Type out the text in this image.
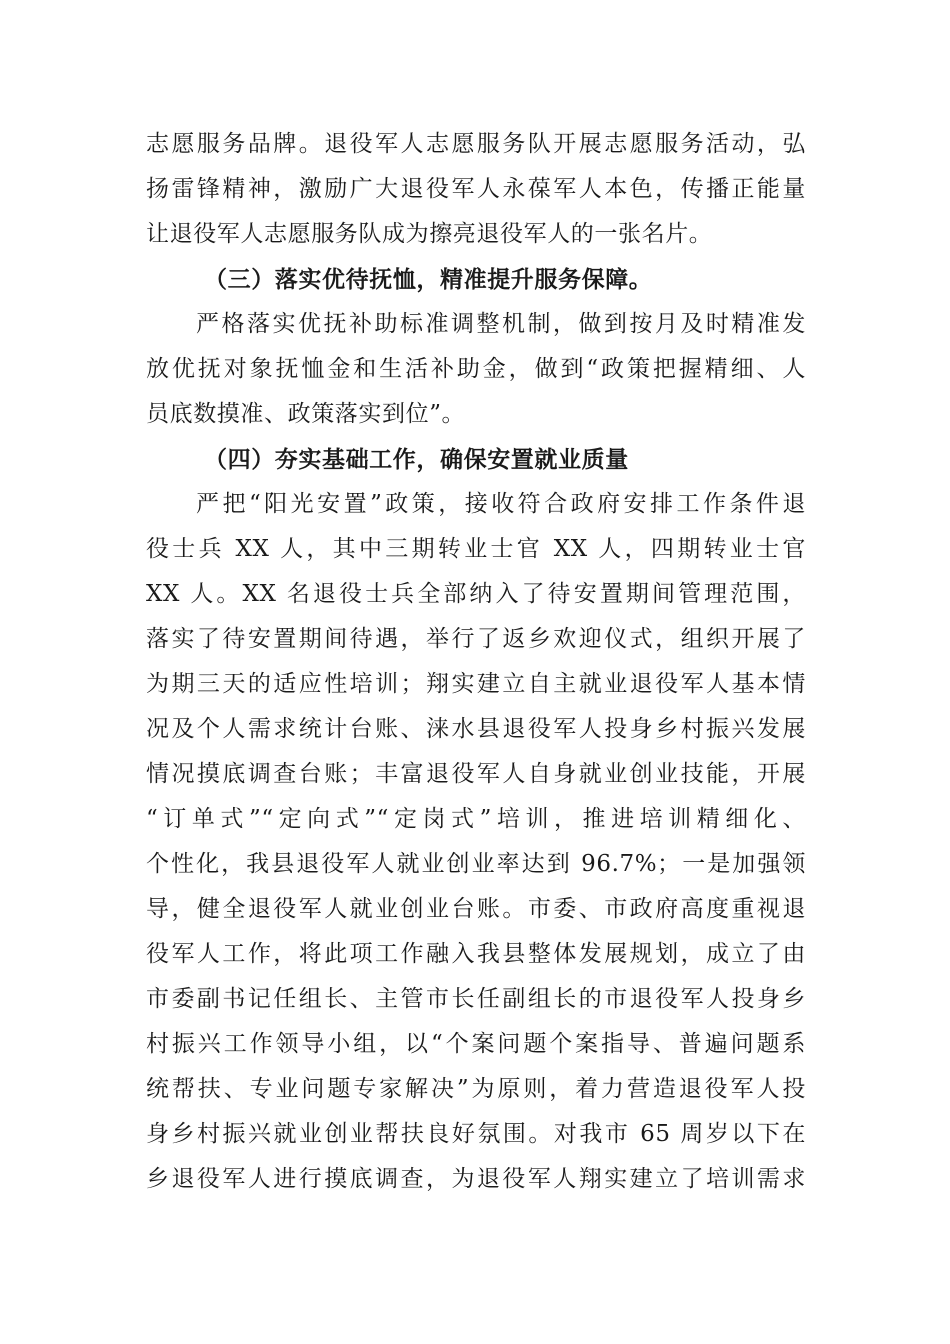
志愿服务品牌。退役军人志愿服务队开展志愿服务活动，弘
扬雷锋精神，激励广大退役军人永葆军人本色，传播正能量
让退役军人志愿服务队成为擦亮退役军人的一张名片。
（三）落实优待抚恤，精准提升服务保障。
严格落实优抚补助标准调整机制，做到按月及时精准发
放优抚对象抚恤金和生活补助金，做到“政策把握精细、人
员底数摸准、政策落实到位”。
（四）夯实基础工作，确保安置就业质量
严把“阳光安置”政策，接收符合政府安排工作条件退
役士兵 XX 人，其中三期转业士官 XX 人，四期转业士官
XX 人。XX 名退役士兵全部纳入了待安置期间管理范围，
落实了待安置期间待遇，举行了返乡欢迎仪式，组织开展了
为期三天的适应性培训；翔实建立自主就业退役军人基本情
况及个人需求统计台账、涞水县退役军人投身乡村振兴发展
情况摸底调查台账；丰富退役军人自身就业创业技能，开展
“订单式”“定向式”“定岗式”培训，推进培训精细化、
个性化，我县退役军人就业创业率达到 96.7%；一是加强领
导，健全退役军人就业创业台账。市委、市政府高度重视退
役军人工作，将此项工作融入我县整体发展规划，成立了由
市委副书记任组长、主管市长任副组长的市退役军人投身乡
村振兴工作领导小组，以“个案问题个案指导、普遍问题系
统帮扶、专业问题专家解决”为原则，着力营造退役军人投
身乡村振兴就业创业帮扶良好氛围。对我市 65 周岁以下在
乡退役军人进行摸底调查，为退役军人翔实建立了培训需求
